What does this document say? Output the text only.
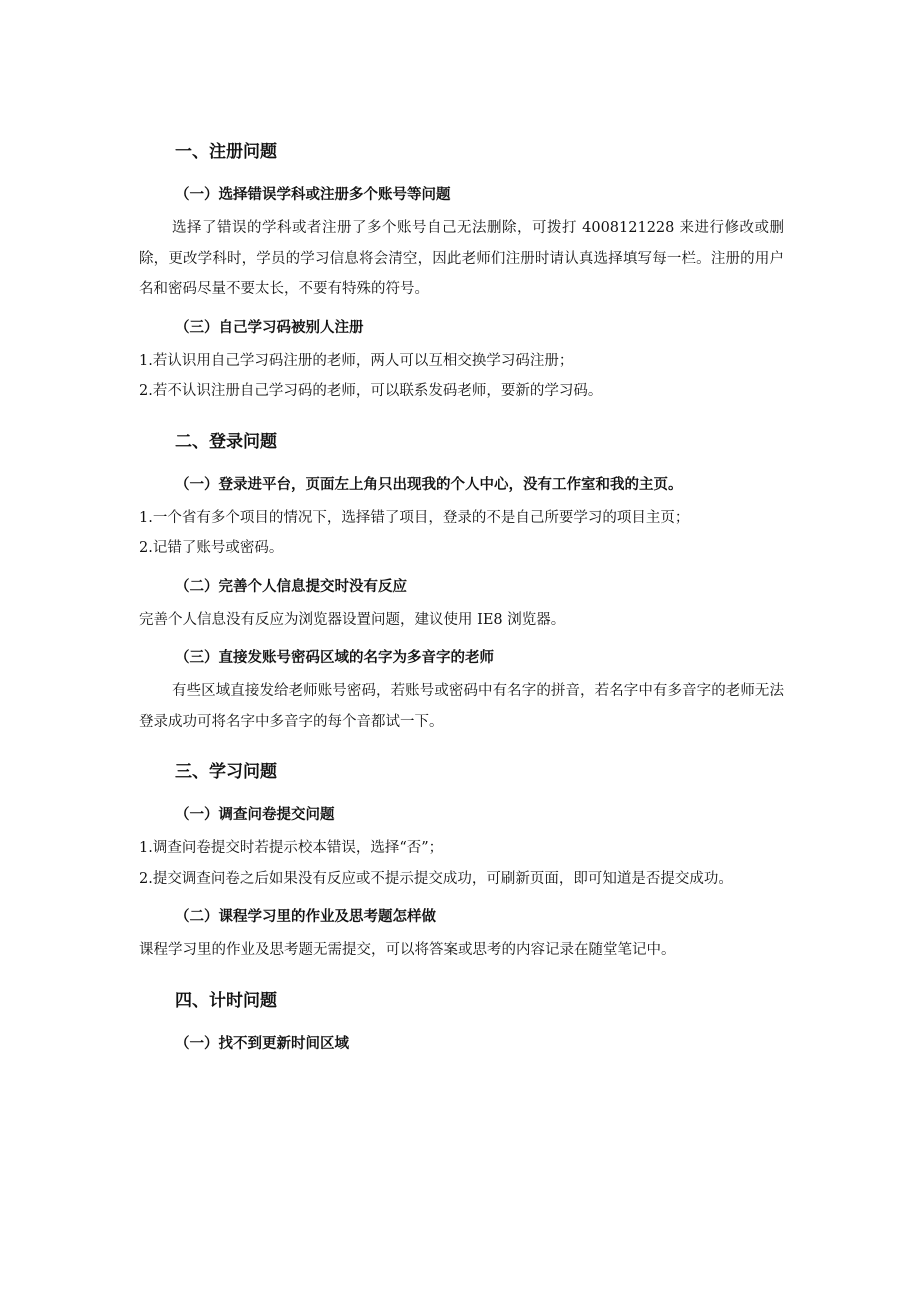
一、注册问题
（一）选择错误学科或注册多个账号等问题

选择了错误的学科或者注册了多个账号自己无法删除，可拨打 4008121228 来进行修改或删除，更改学科时，学员的学习信息将会清空，因此老师们注册时请认真选择填写每一栏。注册的用户名和密码尽量不要太长，不要有特殊的符号。

（三）自己学习码被别人注册

1.若认识用自己学习码注册的老师，两人可以互相交换学习码注册；

2.若不认识注册自己学习码的老师，可以联系发码老师，要新的学习码。

二、登录问题
（一）登录进平台，页面左上角只出现我的个人中心，没有工作室和我的主页。

1.一个省有多个项目的情况下，选择错了项目，登录的不是自己所要学习的项目主页；

2.记错了账号或密码。

（二）完善个人信息提交时没有反应

完善个人信息没有反应为浏览器设置问题，建议使用 IE8 浏览器。

（三）直接发账号密码区域的名字为多音字的老师

有些区域直接发给老师账号密码，若账号或密码中有名字的拼音，若名字中有多音字的老师无法登录成功可将名字中多音字的每个音都试一下。

三、学习问题
（一）调查问卷提交问题

1.调查问卷提交时若提示校本错误，选择“否”；

2.提交调查问卷之后如果没有反应或不提示提交成功，可刷新页面，即可知道是否提交成功。

（二）课程学习里的作业及思考题怎样做

课程学习里的作业及思考题无需提交，可以将答案或思考的内容记录在随堂笔记中。

四、计时问题
（一）找不到更新时间区域
